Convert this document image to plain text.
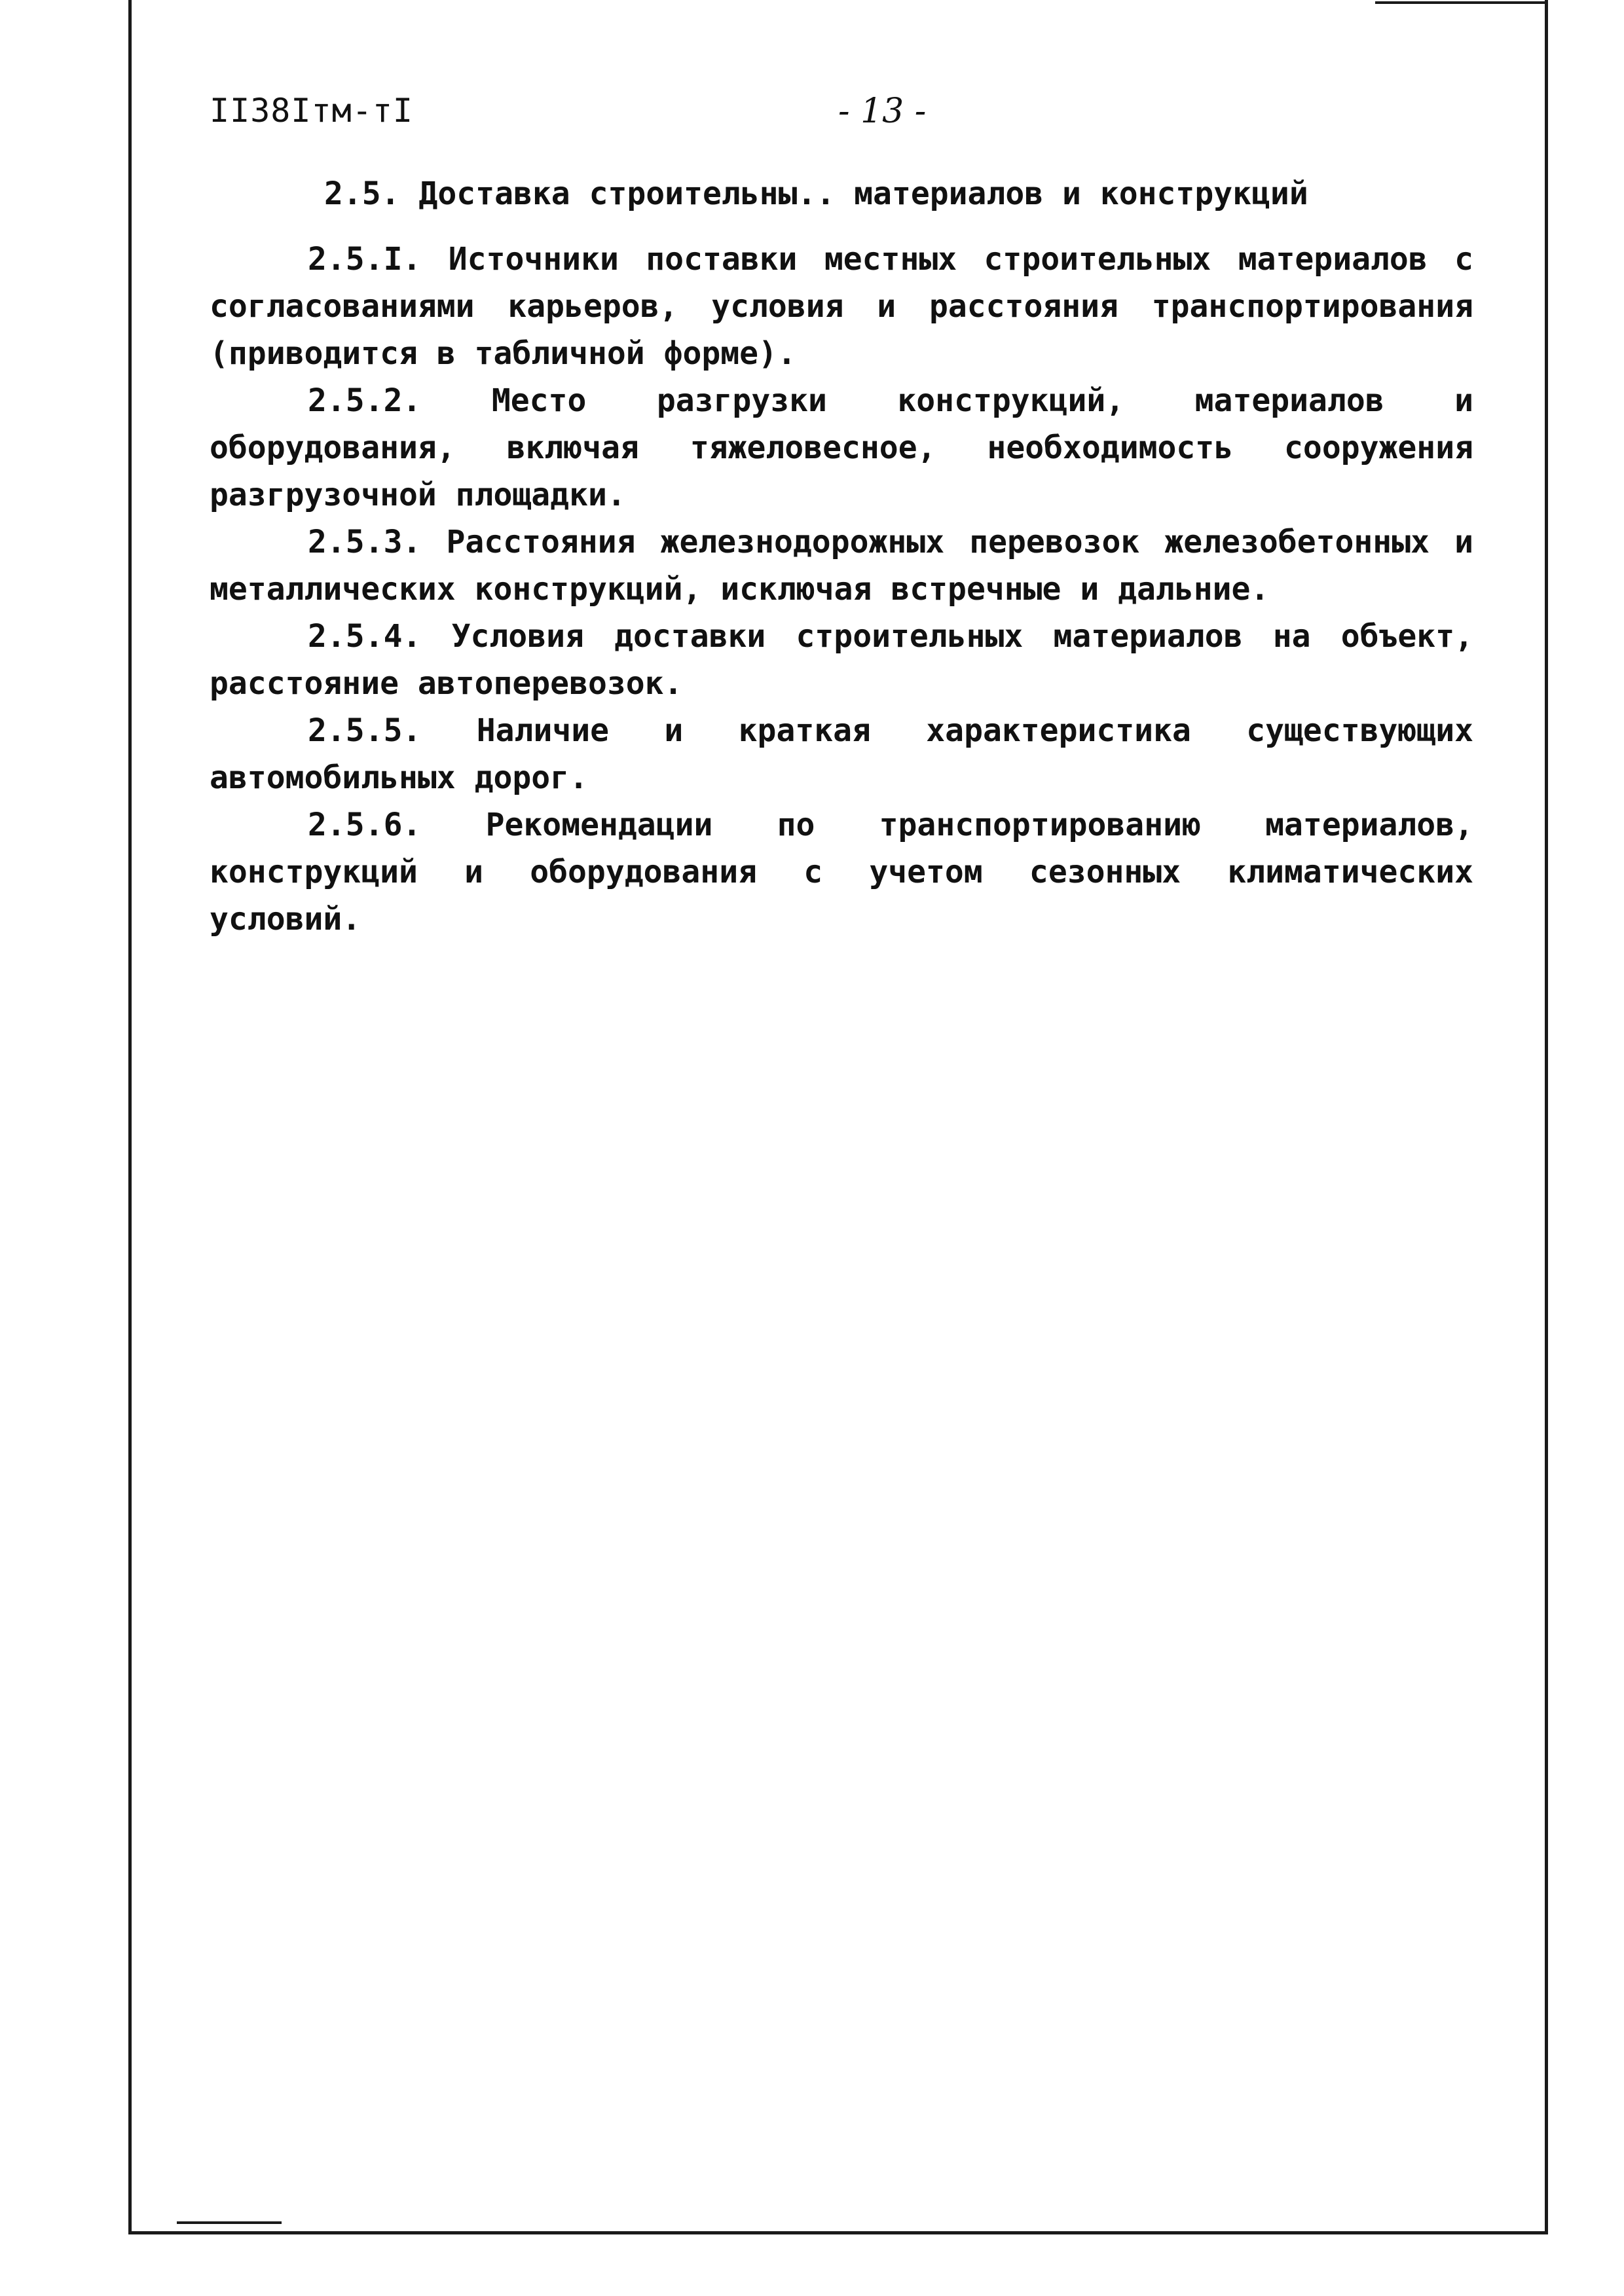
II38Iтм-тI	- 13 -
2.5. Доставка строительны.. материалов и конструкций

2.5.I. Источники поставки местных строительных материалов с согласованиями карьеров, условия и расстояния транспортирования (приводится в табличной форме).

2.5.2. Место разгрузки конструкций, материалов и оборудования, включая тяжеловесное, необходимость сооружения разгрузочной площадки.

2.5.3. Расстояния железнодорожных перевозок железобетонных и металлических конструкций, исключая встречные и дальние.

2.5.4. Условия доставки строительных материалов на объект, расстояние автоперевозок.

2.5.5. Наличие и краткая характеристика существующих автомобильных дорог.

2.5.6. Рекомендации по транспортированию материалов, конструкций и оборудования с учетом сезонных климатических условий.
